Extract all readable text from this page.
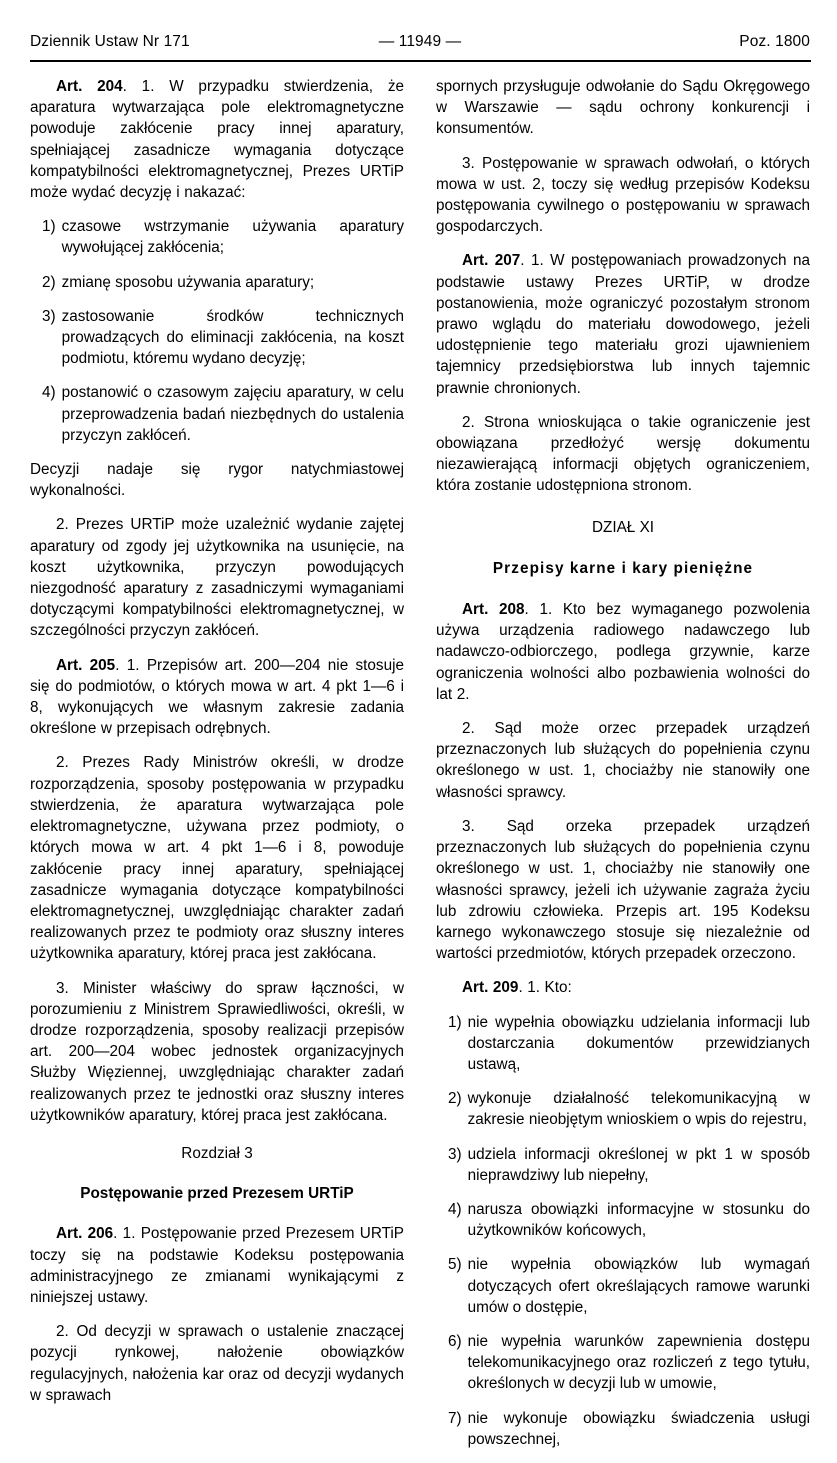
Dziennik Ustaw Nr 171	— 11949 —	Poz. 1800

Art. 204. 1. W przypadku stwierdzenia, że aparatura wytwarzająca pole elektromagnetyczne powoduje zakłócenie pracy innej aparatury, spełniającej zasadnicze wymagania dotyczące kompatybilności elektromagnetycznej, Prezes URTiP może wydać decyzję i nakazać:

1) czasowe wstrzymanie używania aparatury wywołującej zakłócenia;
2) zmianę sposobu używania aparatury;
3) zastosowanie środków technicznych prowadzących do eliminacji zakłócenia, na koszt podmiotu, któremu wydano decyzję;
4) postanowić o czasowym zajęciu aparatury, w celu przeprowadzenia badań niezbędnych do ustalenia przyczyn zakłóceń.

Decyzji nadaje się rygor natychmiastowej wykonalności.

2. Prezes URTiP może uzależnić wydanie zajętej aparatury od zgody jej użytkownika na usunięcie, na koszt użytkownika, przyczyn powodujących niezgodność aparatury z zasadniczymi wymaganiami dotyczącymi kompatybilności elektromagnetycznej, w szczególności przyczyn zakłóceń.

Art. 205. 1. Przepisów art. 200—204 nie stosuje się do podmiotów, o których mowa w art. 4 pkt 1—6 i 8, wykonujących we własnym zakresie zadania określone w przepisach odrębnych.

2. Prezes Rady Ministrów określi, w drodze rozporządzenia, sposoby postępowania w przypadku stwierdzenia, że aparatura wytwarzająca pole elektromagnetyczne, używana przez podmioty, o których mowa w art. 4 pkt 1—6 i 8, powoduje zakłócenie pracy innej aparatury, spełniającej zasadnicze wymagania dotyczące kompatybilności elektromagnetycznej, uwzględniając charakter zadań realizowanych przez te podmioty oraz słuszny interes użytkownika aparatury, której praca jest zakłócana.

3. Minister właściwy do spraw łączności, w porozumieniu z Ministrem Sprawiedliwości, określi, w drodze rozporządzenia, sposoby realizacji przepisów art. 200—204 wobec jednostek organizacyjnych Służby Więziennej, uwzględniając charakter zadań realizowanych przez te jednostki oraz słuszny interes użytkowników aparatury, której praca jest zakłócana.

Rozdział 3
Postępowanie przed Prezesem URTiP

Art. 206. 1. Postępowanie przed Prezesem URTiP toczy się na podstawie Kodeksu postępowania administracyjnego ze zmianami wynikającymi z niniejszej ustawy.

2. Od decyzji w sprawach o ustalenie znaczącej pozycji rynkowej, nałożenie obowiązków regulacyjnych, nałożenia kar oraz od decyzji wydanych w sprawach

spornych przysługuje odwołanie do Sądu Okręgowego w Warszawie — sądu ochrony konkurencji i konsumentów.

3. Postępowanie w sprawach odwołań, o których mowa w ust. 2, toczy się według przepisów Kodeksu postępowania cywilnego o postępowaniu w sprawach gospodarczych.

Art. 207. 1. W postępowaniach prowadzonych na podstawie ustawy Prezes URTiP, w drodze postanowienia, może ograniczyć pozostałym stronom prawo wglądu do materiału dowodowego, jeżeli udostępnienie tego materiału grozi ujawnieniem tajemnicy przedsiębiorstwa lub innych tajemnic prawnie chronionych.

2. Strona wnioskująca o takie ograniczenie jest obowiązana przedłożyć wersję dokumentu niezawierającą informacji objętych ograniczeniem, która zostanie udostępniona stronom.

DZIAŁ XI
Przepisy karne i kary pieniężne

Art. 208. 1. Kto bez wymaganego pozwolenia używa urządzenia radiowego nadawczego lub nadawczo-odbiorczego, podlega grzywnie, karze ograniczenia wolności albo pozbawienia wolności do lat 2.

2. Sąd może orzec przepadek urządzeń przeznaczonych lub służących do popełnienia czynu określonego w ust. 1, chociażby nie stanowiły one własności sprawcy.

3. Sąd orzeka przepadek urządzeń przeznaczonych lub służących do popełnienia czynu określonego w ust. 1, chociażby nie stanowiły one własności sprawcy, jeżeli ich używanie zagraża życiu lub zdrowiu człowieka. Przepis art. 195 Kodeksu karnego wykonawczego stosuje się niezależnie od wartości przedmiotów, których przepadek orzeczono.

Art. 209. 1. Kto:

1) nie wypełnia obowiązku udzielania informacji lub dostarczania dokumentów przewidzianych ustawą,
2) wykonuje działalność telekomunikacyjną w zakresie nieobjętym wnioskiem o wpis do rejestru,
3) udziela informacji określonej w pkt 1 w sposób nieprawdziwy lub niepełny,
4) narusza obowiązki informacyjne w stosunku do użytkowników końcowych,
5) nie wypełnia obowiązków lub wymagań dotyczących ofert określających ramowe warunki umów o dostępie,
6) nie wypełnia warunków zapewnienia dostępu telekomunikacyjnego oraz rozliczeń z tego tytułu, określonych w decyzji lub w umowie,
7) nie wykonuje obowiązku świadczenia usługi powszechnej,
